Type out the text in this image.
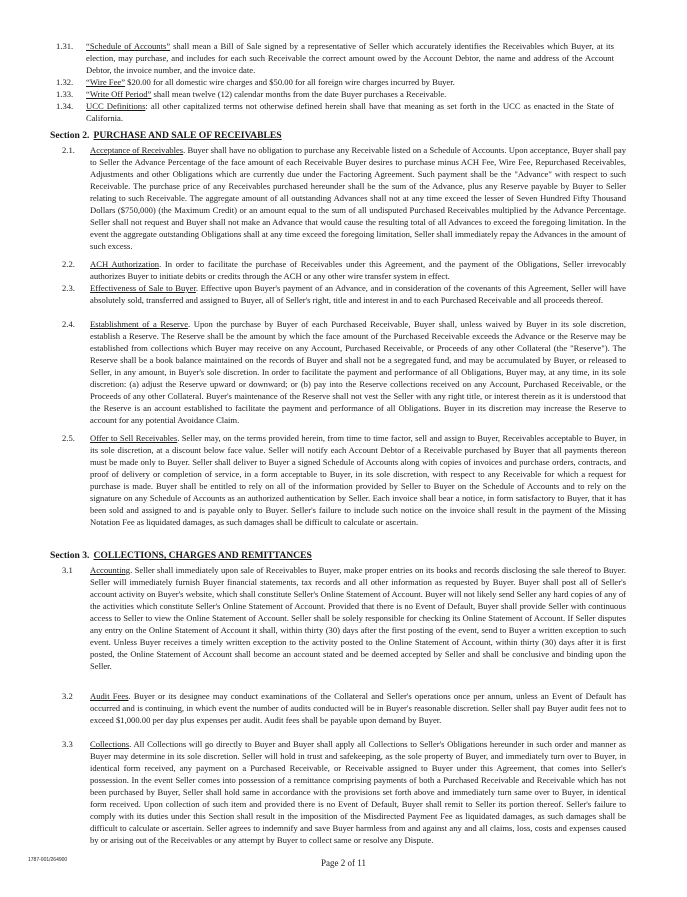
1.31. “Schedule of Accounts” shall mean a Bill of Sale signed by a representative of Seller which accurately identifies the Receivables which Buyer, at its election, may purchase, and includes for each such Receivable the correct amount owed by the Account Debtor, the name and address of the Account Debtor, the invoice number, and the invoice date.

1.32. “Wire Fee” $20.00 for all domestic wire charges and $50.00 for all foreign wire charges incurred by Buyer.

1.33. “Write Off Period” shall mean twelve (12) calendar months from the date Buyer purchases a Receivable.

1.34. UCC Definitions: all other capitalized terms not otherwise defined herein shall have that meaning as set forth in the UCC as enacted in the State of California.

Section 2. PURCHASE AND SALE OF RECEIVABLES

2.1. Acceptance of Receivables. Buyer shall have no obligation to purchase any Receivable listed on a Schedule of Accounts. Upon acceptance, Buyer shall pay to Seller the Advance Percentage of the face amount of each Receivable Buyer desires to purchase minus ACH Fee, Wire Fee, Repurchased Receivables, Adjustments and other Obligations which are currently due under the Factoring Agreement. Such payment shall be the "Advance" with respect to such Receivable. The purchase price of any Receivables purchased hereunder shall be the sum of the Advance, plus any Reserve payable by Buyer to Seller relating to such Receivable. The aggregate amount of all outstanding Advances shall not at any time exceed the lesser of Seven Hundred Fifty Thousand Dollars ($750,000) (the Maximum Credit) or an amount equal to the sum of all undisputed Purchased Receivables multiplied by the Advance Percentage. Seller shall not request and Buyer shall not make an Advance that would cause the resulting total of all Advances to exceed the foregoing limitation. In the event the aggregate outstanding Obligations shall at any time exceed the foregoing limitation, Seller shall immediately repay the Advances in the amount of such excess.

2.2. ACH Authorization. In order to facilitate the purchase of Receivables under this Agreement, and the payment of the Obligations, Seller irrevocably authorizes Buyer to initiate debits or credits through the ACH or any other wire transfer system in effect.

2.3. Effectiveness of Sale to Buyer. Effective upon Buyer's payment of an Advance, and in consideration of the covenants of this Agreement, Seller will have absolutely sold, transferred and assigned to Buyer, all of Seller's right, title and interest in and to each Purchased Receivable and all proceeds thereof.

2.4. Establishment of a Reserve. Upon the purchase by Buyer of each Purchased Receivable, Buyer shall, unless waived by Buyer in its sole discretion, establish a Reserve. The Reserve shall be the amount by which the face amount of the Purchased Receivable exceeds the Advance or the Reserve may be established from collections which Buyer may receive on any Account, Purchased Receivable, or Proceeds of any other Collateral (the "Reserve"). The Reserve shall be a book balance maintained on the records of Buyer and shall not be a segregated fund, and may be accumulated by Buyer, or released to Seller, in any amount, in Buyer's sole discretion. In order to facilitate the payment and performance of all Obligations, Buyer may, at any time, in its sole discretion: (a) adjust the Reserve upward or downward; or (b) pay into the Reserve collections received on any Account, Purchased Receivable, or the Proceeds of any other Collateral. Buyer's maintenance of the Reserve shall not vest the Seller with any right title, or interest therein as it is understood that the Reserve is an account established to facilitate the payment and performance of all Obligations. Buyer in its discretion may increase the Reserve to account for any potential Avoidance Claim.

2.5. Offer to Sell Receivables. Seller may, on the terms provided herein, from time to time factor, sell and assign to Buyer, Receivables acceptable to Buyer, in its sole discretion, at a discount below face value. Seller will notify each Account Debtor of a Receivable purchased by Buyer that all payments thereon must be made only to Buyer. Seller shall deliver to Buyer a signed Schedule of Accounts along with copies of invoices and purchase orders, contracts, and proof of delivery or completion of service, in a form acceptable to Buyer, in its sole discretion, with respect to any Receivable for which a request for purchase is made. Buyer shall be entitled to rely on all of the information provided by Seller to Buyer on the Schedule of Accounts and to rely on the signature on any Schedule of Accounts as an authorized authentication by Seller. Each invoice shall bear a notice, in form satisfactory to Buyer, that it has been sold and assigned to and is payable only to Buyer. Seller's failure to include such notice on the invoice shall result in the payment of the Missing Notation Fee as liquidated damages, as such damages shall be difficult to calculate or ascertain.

Section 3. COLLECTIONS, CHARGES AND REMITTANCES

3.1 Accounting. Seller shall immediately upon sale of Receivables to Buyer, make proper entries on its books and records disclosing the sale thereof to Buyer. Seller will immediately furnish Buyer financial statements, tax records and all other information as requested by Buyer. Buyer shall post all of Seller's account activity on Buyer's website, which shall constitute Seller's Online Statement of Account. Buyer will not likely send Seller any hard copies of any of the activities which constitute Seller's Online Statement of Account. Provided that there is no Event of Default, Buyer shall provide Seller with continuous access to Seller to view the Online Statement of Account. Seller shall be solely responsible for checking its Online Statement of Account. If Seller disputes any entry on the Online Statement of Account it shall, within thirty (30) days after the first posting of the event, send to Buyer a written exception to such event. Unless Buyer receives a timely written exception to the activity posted to the Online Statement of Account, within thirty (30) days after it is first posted, the Online Statement of Account shall become an account stated and be deemed accepted by Seller and shall be conclusive and binding upon the Seller.

3.2 Audit Fees. Buyer or its designee may conduct examinations of the Collateral and Seller's operations once per annum, unless an Event of Default has occurred and is continuing, in which event the number of audits conducted will be in Buyer's reasonable discretion. Seller shall pay Buyer audit fees not to exceed $1,000.00 per day plus expenses per audit. Audit fees shall be payable upon demand by Buyer.

3.3 Collections. All Collections will go directly to Buyer and Buyer shall apply all Collections to Seller's Obligations hereunder in such order and manner as Buyer may determine in its sole discretion. Seller will hold in trust and safekeeping, as the sole property of Buyer, and immediately turn over to Buyer, in identical form received, any payment on a Purchased Receivable, or Receivable assigned to Buyer under this Agreement, that comes into Seller's possession. In the event Seller comes into possession of a remittance comprising payments of both a Purchased Receivable and Receivable which has not been purchased by Buyer, Seller shall hold same in accordance with the provisions set forth above and immediately turn same over to Buyer, in identical form received. Upon collection of such item and provided there is no Event of Default, Buyer shall remit to Seller its portion thereof. Seller's failure to comply with its duties under this Section shall result in the imposition of the Misdirected Payment Fee as liquidated damages, as such damages shall be difficult to calculate or ascertain. Seller agrees to indemnify and save Buyer harmless from and against any and all claims, loss, costs and expenses caused by or arising out of the Receivables or any attempt by Buyer to collect same or resolve any Dispute.

1787-001/264900	Page 2 of 11
